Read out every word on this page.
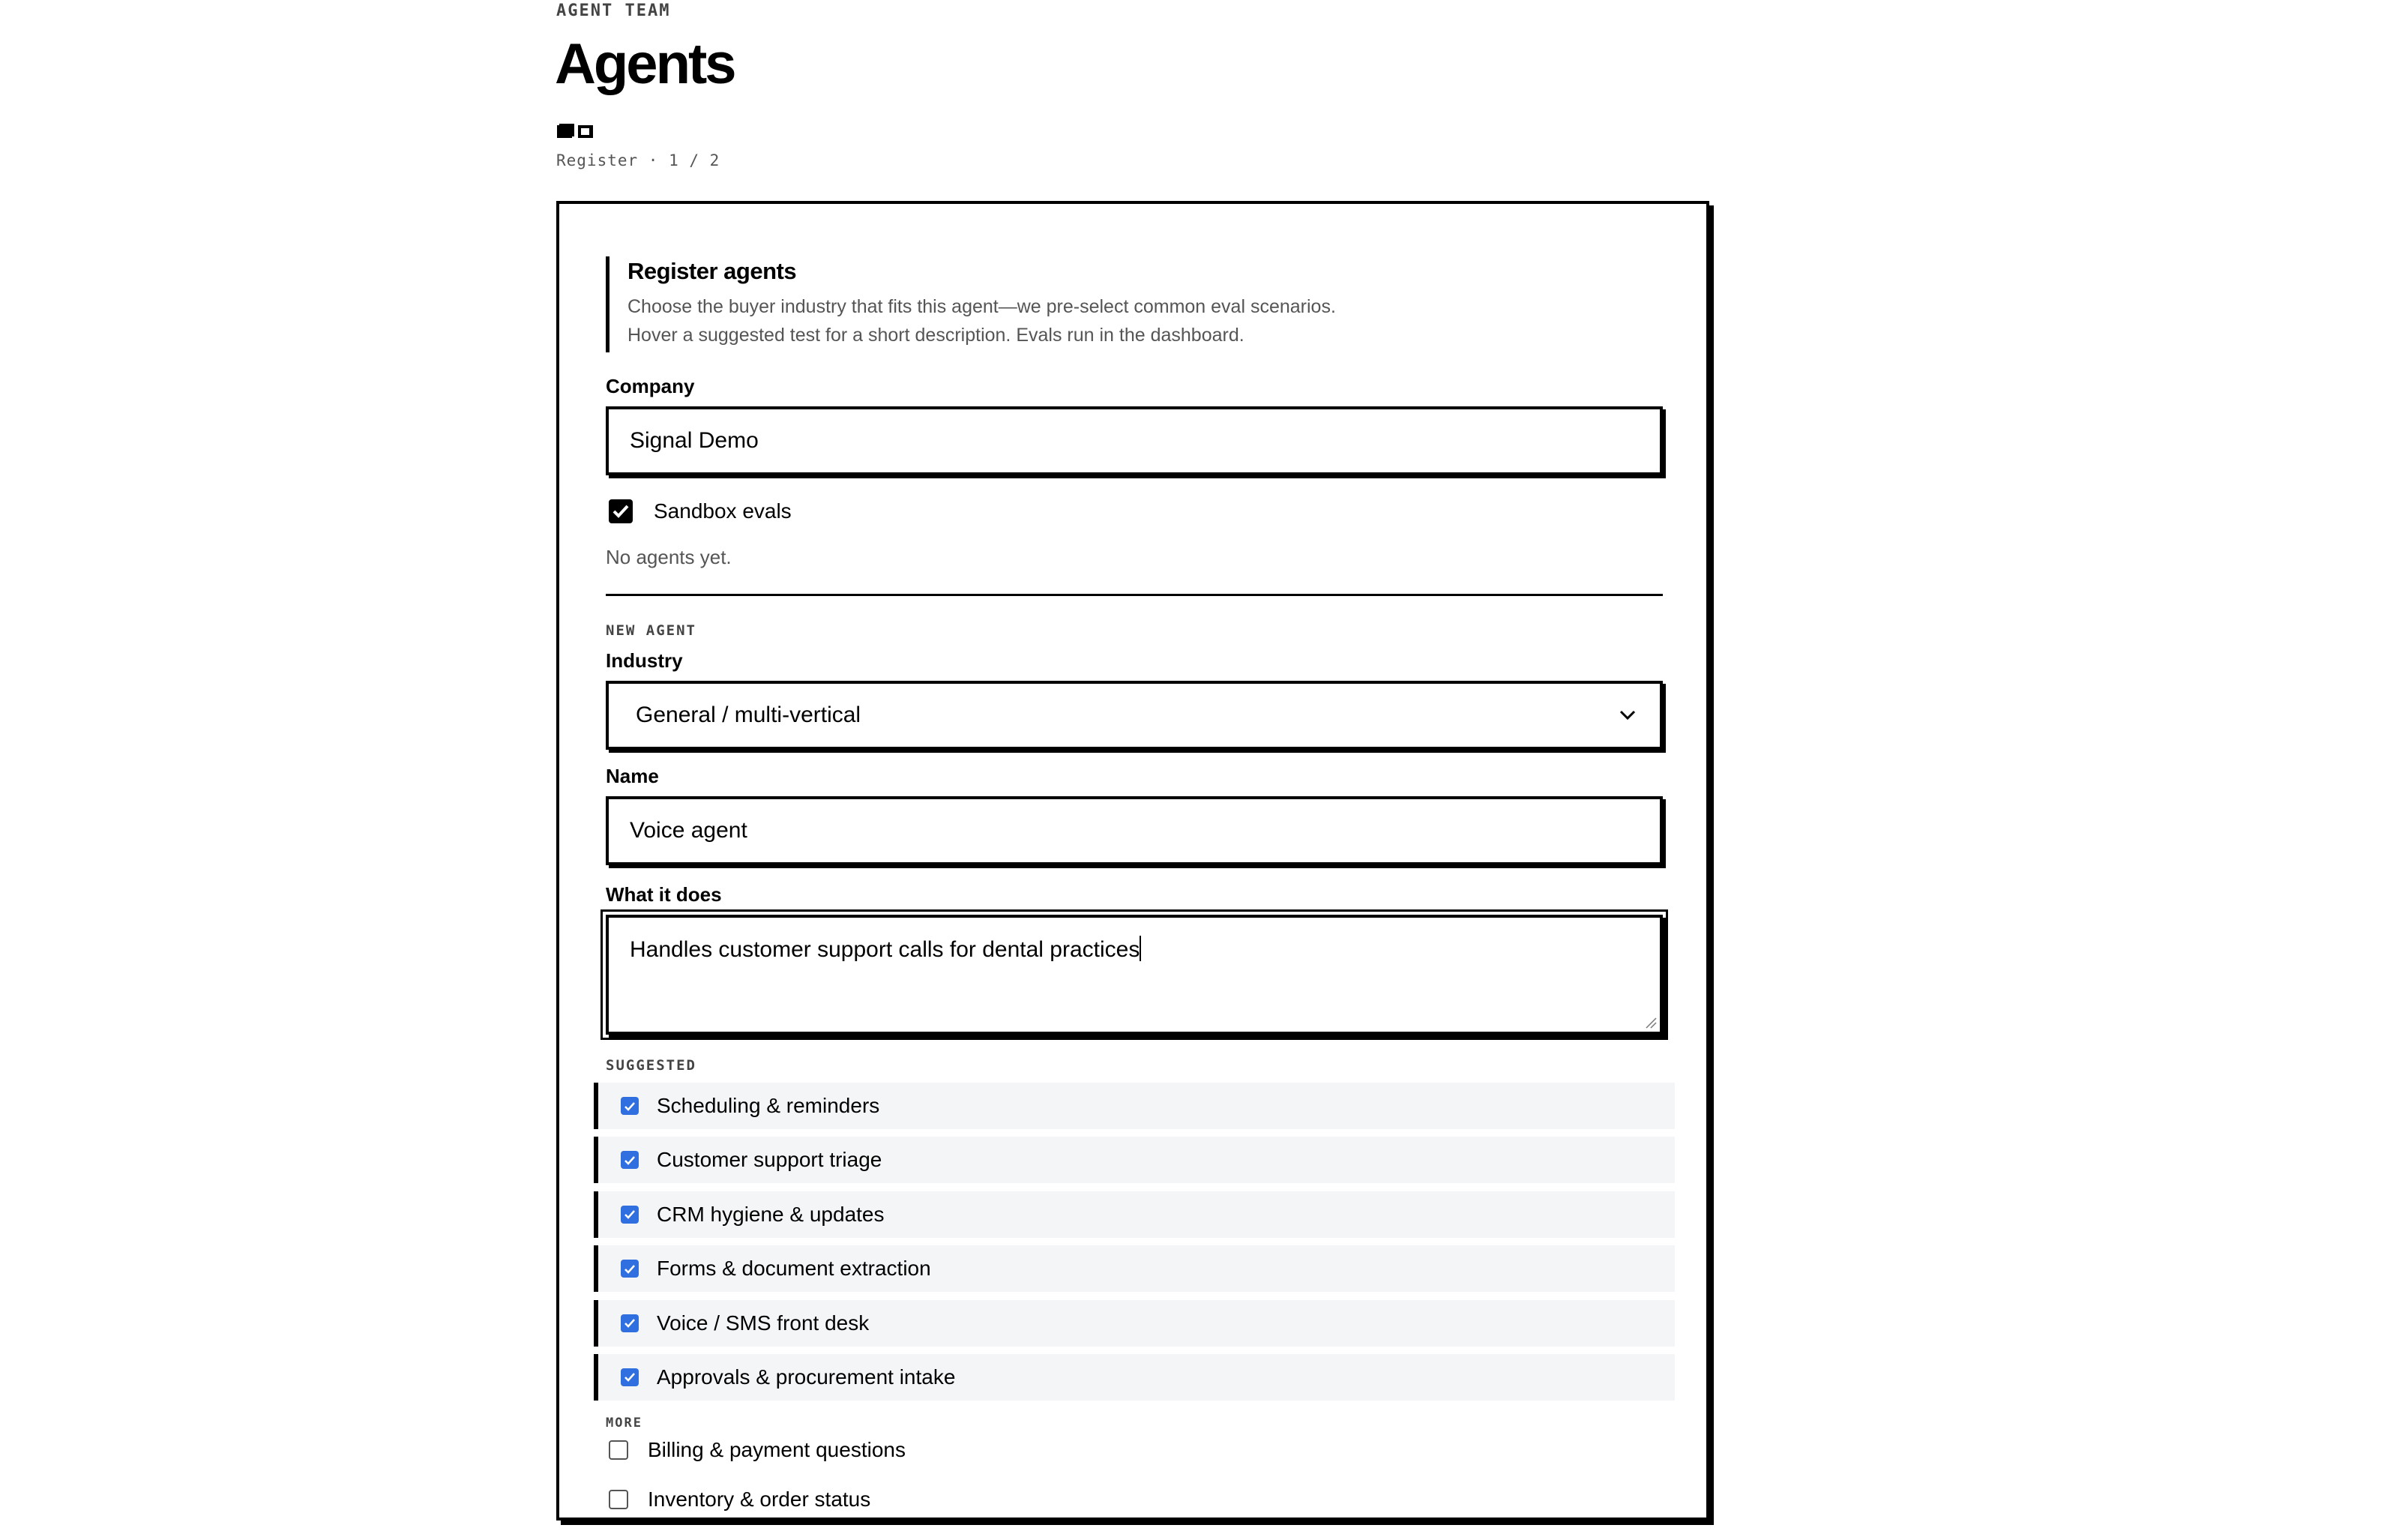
AGENT TEAM
Agents
Register · 1 / 2
Register agents
Choose the buyer industry that fits this agent—we pre-select common eval scenarios.
Hover a suggested test for a short description. Evals run in the dashboard.
Company
Signal Demo
Sandbox evals
No agents yet.
NEW AGENT
Industry
General / multi-vertical
Name
Voice agent
What it does
Handles customer support calls for dental practices
SUGGESTED
Scheduling & reminders
Customer support triage
CRM hygiene & updates
Forms & document extraction
Voice / SMS front desk
Approvals & procurement intake
MORE
Billing & payment questions
Inventory & order status
